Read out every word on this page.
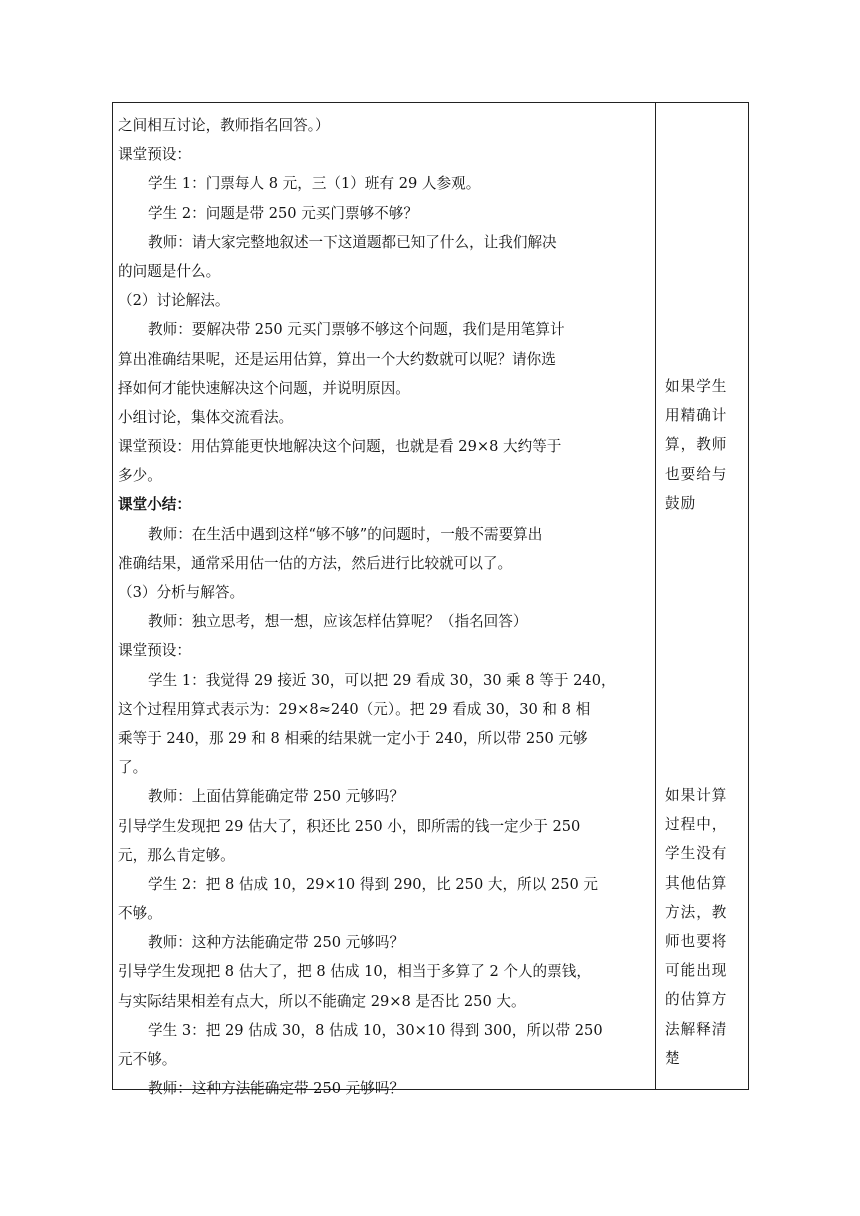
之间相互讨论，教师指名回答。）
课堂预设：
学生 1：门票每人 8 元，三（1）班有 29 人参观。
学生 2：问题是带 250 元买门票够不够？
教师：请大家完整地叙述一下这道题都已知了什么，让我们解决
的问题是什么。
（2）讨论解法。
教师：要解决带 250 元买门票够不够这个问题，我们是用笔算计
算出准确结果呢，还是运用估算，算出一个大约数就可以呢？请你选
择如何才能快速解决这个问题，并说明原因。
小组讨论，集体交流看法。
课堂预设：用估算能更快地解决这个问题，也就是看 29×8 大约等于
多少。
课堂小结：
教师：在生活中遇到这样“够不够”的问题时，一般不需要算出
准确结果，通常采用估一估的方法，然后进行比较就可以了。
（3）分析与解答。
教师：独立思考，想一想，应该怎样估算呢？（指名回答）
课堂预设：
学生 1：我觉得 29 接近 30，可以把 29 看成 30，30 乘 8 等于 240，
这个过程用算式表示为：29×8≈240（元）。把 29 看成 30，30 和 8 相
乘等于 240，那 29 和 8 相乘的结果就一定小于 240，所以带 250 元够
了。
教师：上面估算能确定带 250 元够吗？
引导学生发现把 29 估大了，积还比 250 小，即所需的钱一定少于 250
元，那么肯定够。
学生 2：把 8 估成 10，29×10 得到 290，比 250 大，所以 250 元
不够。
教师：这种方法能确定带 250 元够吗？
引导学生发现把 8 估大了，把 8 估成 10，相当于多算了 2 个人的票钱，
与实际结果相差有点大，所以不能确定 29×8 是否比 250 大。
学生 3：把 29 估成 30，8 估成 10，30×10 得到 300，所以带 250
元不够。
教师：这种方法能确定带 250 元够吗？
如果学生
用精确计
算，教师
也要给与
鼓励
如果计算
过程中，
学生没有
其他估算
方法，教
师也要将
可能出现
的估算方
法解释清
楚
